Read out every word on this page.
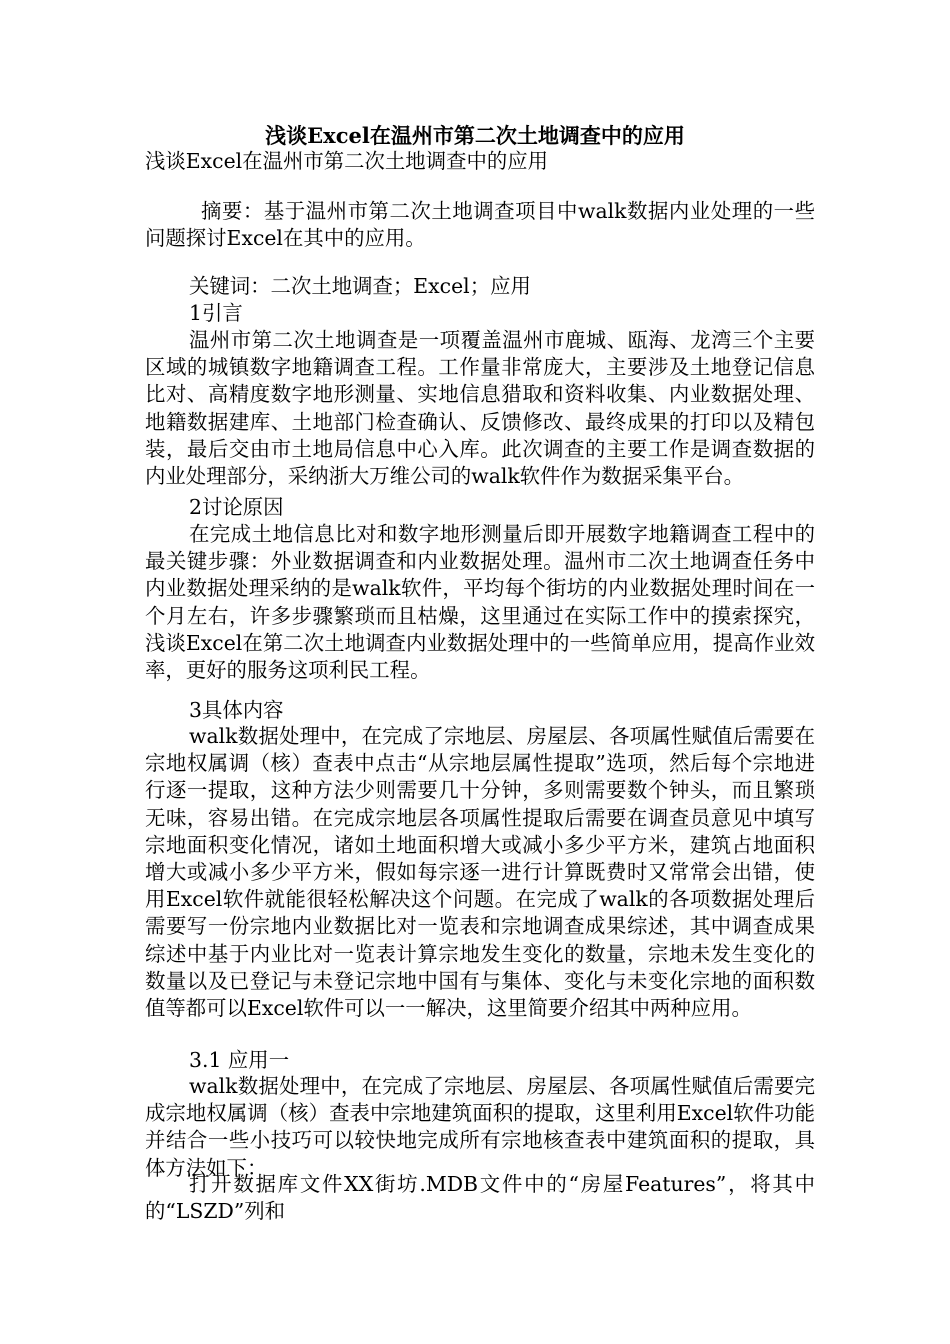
浅谈Excel在温州市第二次土地调查中的应用
浅谈Excel在温州市第二次土地调查中的应用
摘要：基于温州市第二次土地调查项目中walk数据内业处理的一些问题探讨Excel在其中的应用。
关键词：二次土地调查；Excel；应用
1引言
温州市第二次土地调查是一项覆盖温州市鹿城、瓯海、龙湾三个主要区域的城镇数字地籍调查工程。工作量非常庞大，主要涉及土地登记信息比对、高精度数字地形测量、实地信息猎取和资料收集、内业数据处理、地籍数据建库、土地部门检查确认、反馈修改、最终成果的打印以及精包装，最后交由市土地局信息中心入库。此次调查的主要工作是调查数据的内业处理部分，采纳浙大万维公司的walk软件作为数据采集平台。
2讨论原因
在完成土地信息比对和数字地形测量后即开展数字地籍调查工程中的最关键步骤：外业数据调查和内业数据处理。温州市二次土地调查任务中内业数据处理采纳的是walk软件，平均每个街坊的内业数据处理时间在一个月左右，许多步骤繁琐而且枯燥，这里通过在实际工作中的摸索探究，浅谈Excel在第二次土地调查内业数据处理中的一些简单应用，提高作业效率，更好的服务这项利民工程。
3具体内容
walk数据处理中，在完成了宗地层、房屋层、各项属性赋值后需要在宗地权属调（核）查表中点击“从宗地层属性提取”选项，然后每个宗地进行逐一提取，这种方法少则需要几十分钟，多则需要数个钟头，而且繁琐无味，容易出错。在完成宗地层各项属性提取后需要在调查员意见中填写宗地面积变化情况，诸如土地面积增大或减小多少平方米，建筑占地面积增大或减小多少平方米，假如每宗逐一进行计算既费时又常常会出错，使用Excel软件就能很轻松解决这个问题。在完成了walk的各项数据处理后需要写一份宗地内业数据比对一览表和宗地调查成果综述，其中调查成果综述中基于内业比对一览表计算宗地发生变化的数量，宗地未发生变化的数量以及已登记与未登记宗地中国有与集体、变化与未变化宗地的面积数值等都可以Excel软件可以一一解决，这里简要介绍其中两种应用。
3.1 应用一
walk数据处理中，在完成了宗地层、房屋层、各项属性赋值后需要完成宗地权属调（核）查表中宗地建筑面积的提取，这里利用Excel软件功能并结合一些小技巧可以较快地完成所有宗地核查表中建筑面积的提取，具体方法如下：
打开数据库文件XX街坊.MDB文件中的“房屋Features”，将其中的“LSZD”列和
